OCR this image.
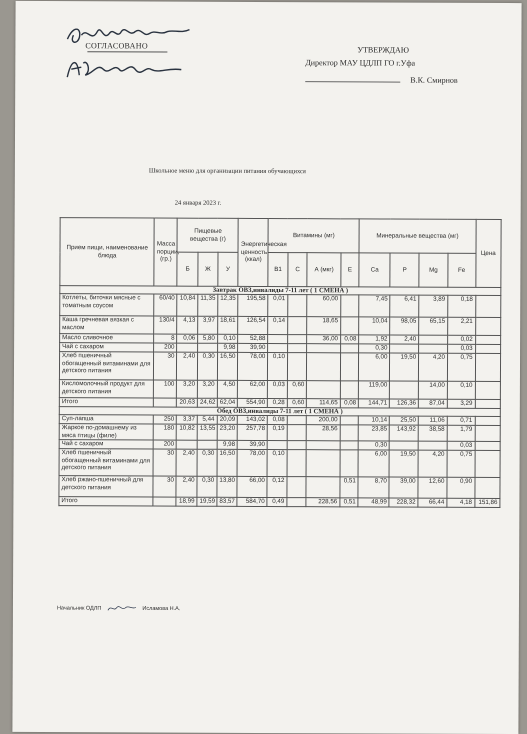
СОГЛАСОВАНО	УТВЕРЖДАЮ
Директор МАУ ЦДЛП ГО г.Уфа
В.К. Смирнов
Школьное меню для организации питания обучающихся
24 января 2023 г.
Прием пищи, наименование блюда	Масса порции, (гр.)	Пищевые вещества (г)			Энергетическая ценность (ккал)	Витамины (мг)				Минеральные вещества (мг)				Цена
		Б	Ж	У		В1	С	А (мкг)	Е	Ca	P	Mg	Fe	
Завтрак ОВЗ,инвалиды 7-11 лет ( 1 СМЕНА )														
Котлеты, биточки мясные с томатным соусом	60/40	10,84	11,35	12,35	195,58	0,01		60,00		7,45	6,41	3,89	0,18	
Каша гречневая вязкая с маслом	130/4	4,13	3,97	18,61	126,54	0,14		18,65		10,04	98,05	65,15	2,21	
Масло сливочное	8	0,06	5,80	0,10	52,88			36,00	0,08	1,92	2,40		0,02	
Чай с сахаром	200			9,98	39,90					0,30			0,03	
Хлеб пшеничный обогащенный витаминами для детского питания	30	2,40	0,30	16,50	78,00	0,10				6,00	19,50	4,20	0,75	
Кисломолочный продукт для детского питания	100	3,20	3,20	4,50	62,00	0,03	0,60			119,00		14,00	0,10	
Итого		20,63	24,62	62,04	554,90	0,28	0,60	114,65	0,08	144,71	126,36	87,04	3,29	
Обед ОВЗ,инвалиды 7-11 лет ( 1 СМЕНА )														
Суп-лапша	250	3,37	5,44	20,09	143,02	0,08		200,00		10,14	25,50	11,06	0,71	
Жаркое по-домашнему из мяса птицы (филе)	180	10,82	13,55	23,20	257,78	0,19		28,56		23,85	143,92	38,58	1,79	
Чай с сахаром	200			9,98	39,90					0,30			0,03	
Хлеб пшеничный обогащенный витаминами для детского питания	30	2,40	0,30	16,50	78,00	0,10				6,00	19,50	4,20	0,75	
Хлеб ржано-пшеничный для детского питания	30	2,40	0,30	13,80	66,00	0,12			0,51	8,70	39,00	12,60	0,90	
Итого		18,99	19,59	83,57	584,70	0,49		228,56	0,51	48,99	228,32	66,44	4,18	151,86
Начальник ОДЛП	Исламова Н.А.
